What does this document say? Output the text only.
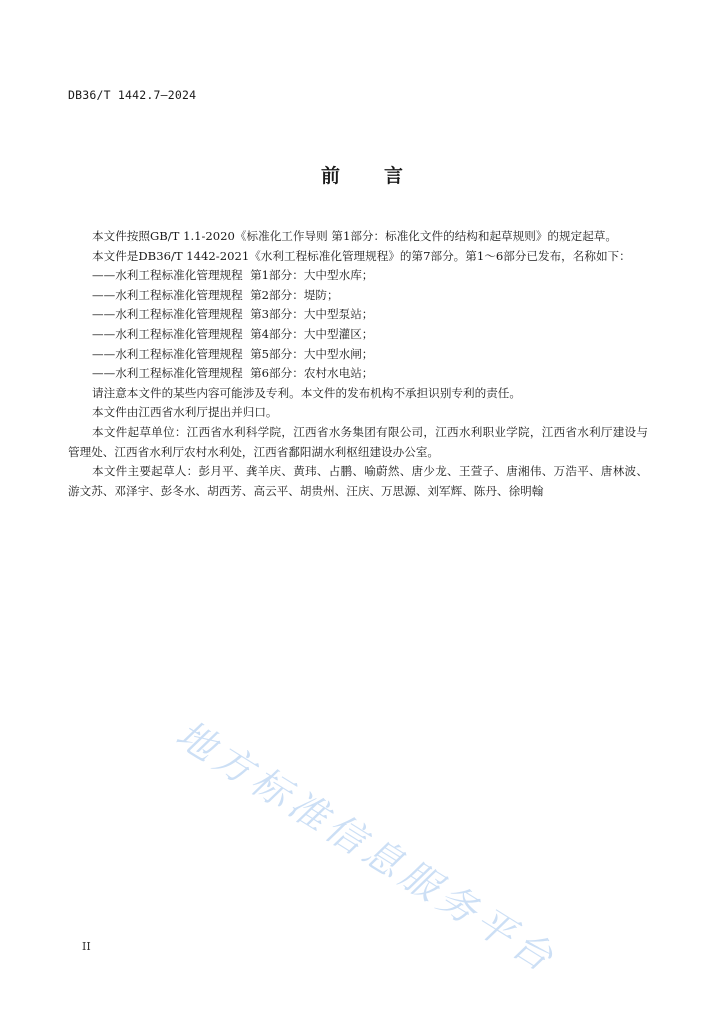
DB36/T 1442.7—2024
前 言

本文件按照GB/T 1.1-2020《标准化工作导则 第1部分：标准化文件的结构和起草规则》的规定起草。

本文件是DB36/T 1442-2021《水利工程标准化管理规程》的第7部分。第1～6部分已发布，名称如下：

——水利工程标准化管理规程  第1部分：大中型水库；

——水利工程标准化管理规程  第2部分：堤防；

——水利工程标准化管理规程  第3部分：大中型泵站；

——水利工程标准化管理规程  第4部分：大中型灌区；

——水利工程标准化管理规程  第5部分：大中型水闸；

——水利工程标准化管理规程  第6部分：农村水电站；

请注意本文件的某些内容可能涉及专利。本文件的发布机构不承担识别专利的责任。

本文件由江西省水利厅提出并归口。

本文件起草单位：江西省水利科学院，江西省水务集团有限公司，江西水利职业学院，江西省水利厅建设与管理处、江西省水利厅农村水利处，江西省鄱阳湖水利枢纽建设办公室。

本文件主要起草人：彭月平、龚羊庆、黄玮、占鹏、喻蔚然、唐少龙、王萱子、唐湘伟、万浩平、唐林波、游文苏、邓泽宇、彭冬水、胡西芳、高云平、胡贵州、汪庆、万思源、刘军辉、陈丹、徐明翰

地方标准信息服务平台
II
